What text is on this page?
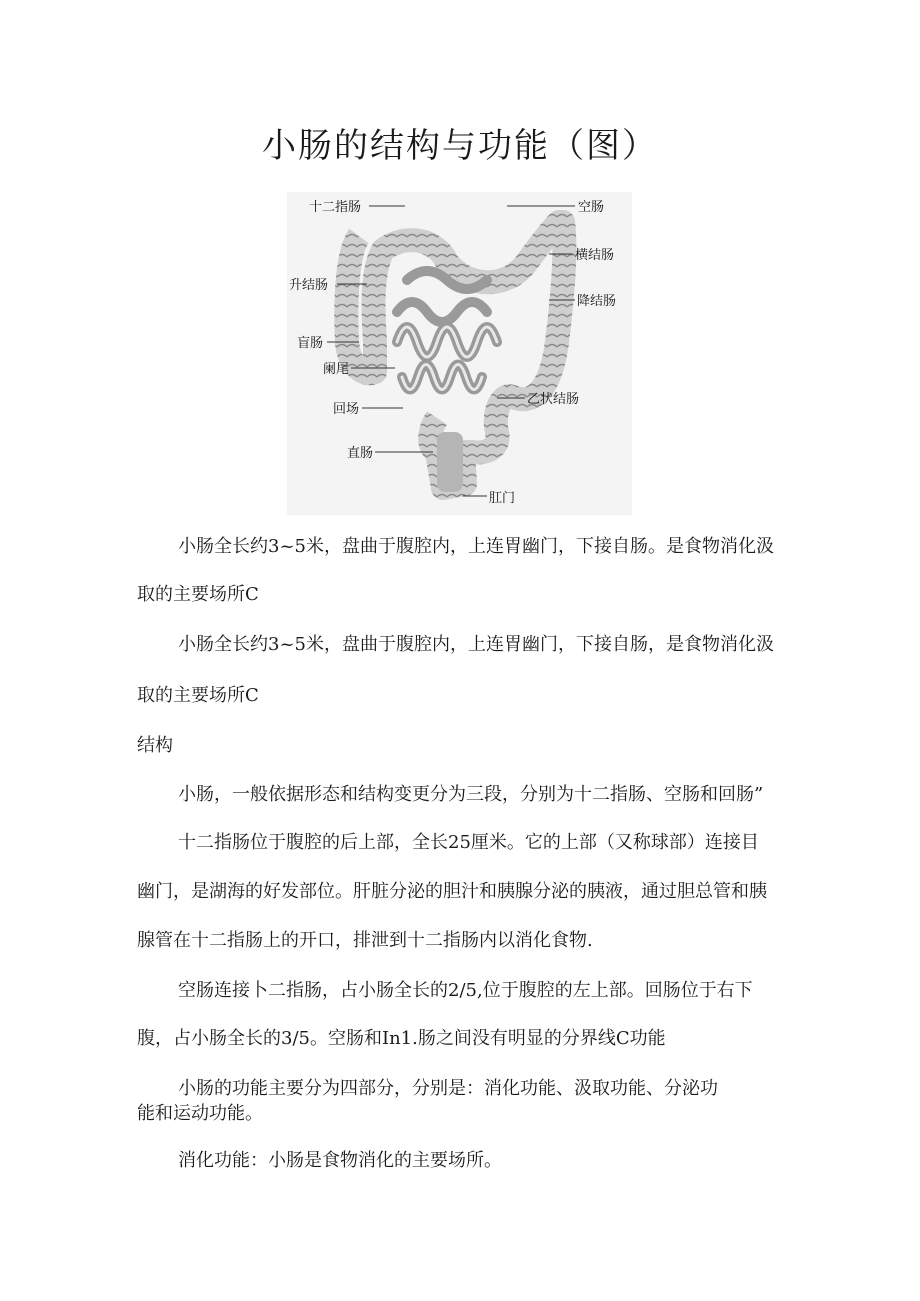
小肠的结构与功能（图）
十二指肠	空肠
横结肠
升结肠
降结肠
盲肠
阑尾
回场
乙状结肠
直肠
肛门

小肠全长约3~5米，盘曲于腹腔内，上连胃幽门，下接自肠。是食物消化汲

取的主要场所C

小肠全长约3~5米，盘曲于腹腔内，上连胃幽门，下接自肠，是食物消化汲

取的主要场所C

结构

小肠，一般依据形态和结构变更分为三段，分别为十二指肠、空肠和回肠”

十二指肠位于腹腔的后上部，全长25厘米。它的上部（又称球部）连接目

幽门，是湖海的好发部位。肝脏分泌的胆汁和胰腺分泌的胰液，通过胆总管和胰

腺管在十二指肠上的开口，排泄到十二指肠内以消化食物.

空肠连接卜二指肠，占小肠全长的2/5,位于腹腔的左上部。回肠位于右下

腹，占小肠全长的3/5。空肠和In1.肠之间没有明显的分界线C功能

小肠的功能主要分为四部分，分别是：消化功能、汲取功能、分泌功

能和运动功能。

消化功能：小肠是食物消化的主要场所。
